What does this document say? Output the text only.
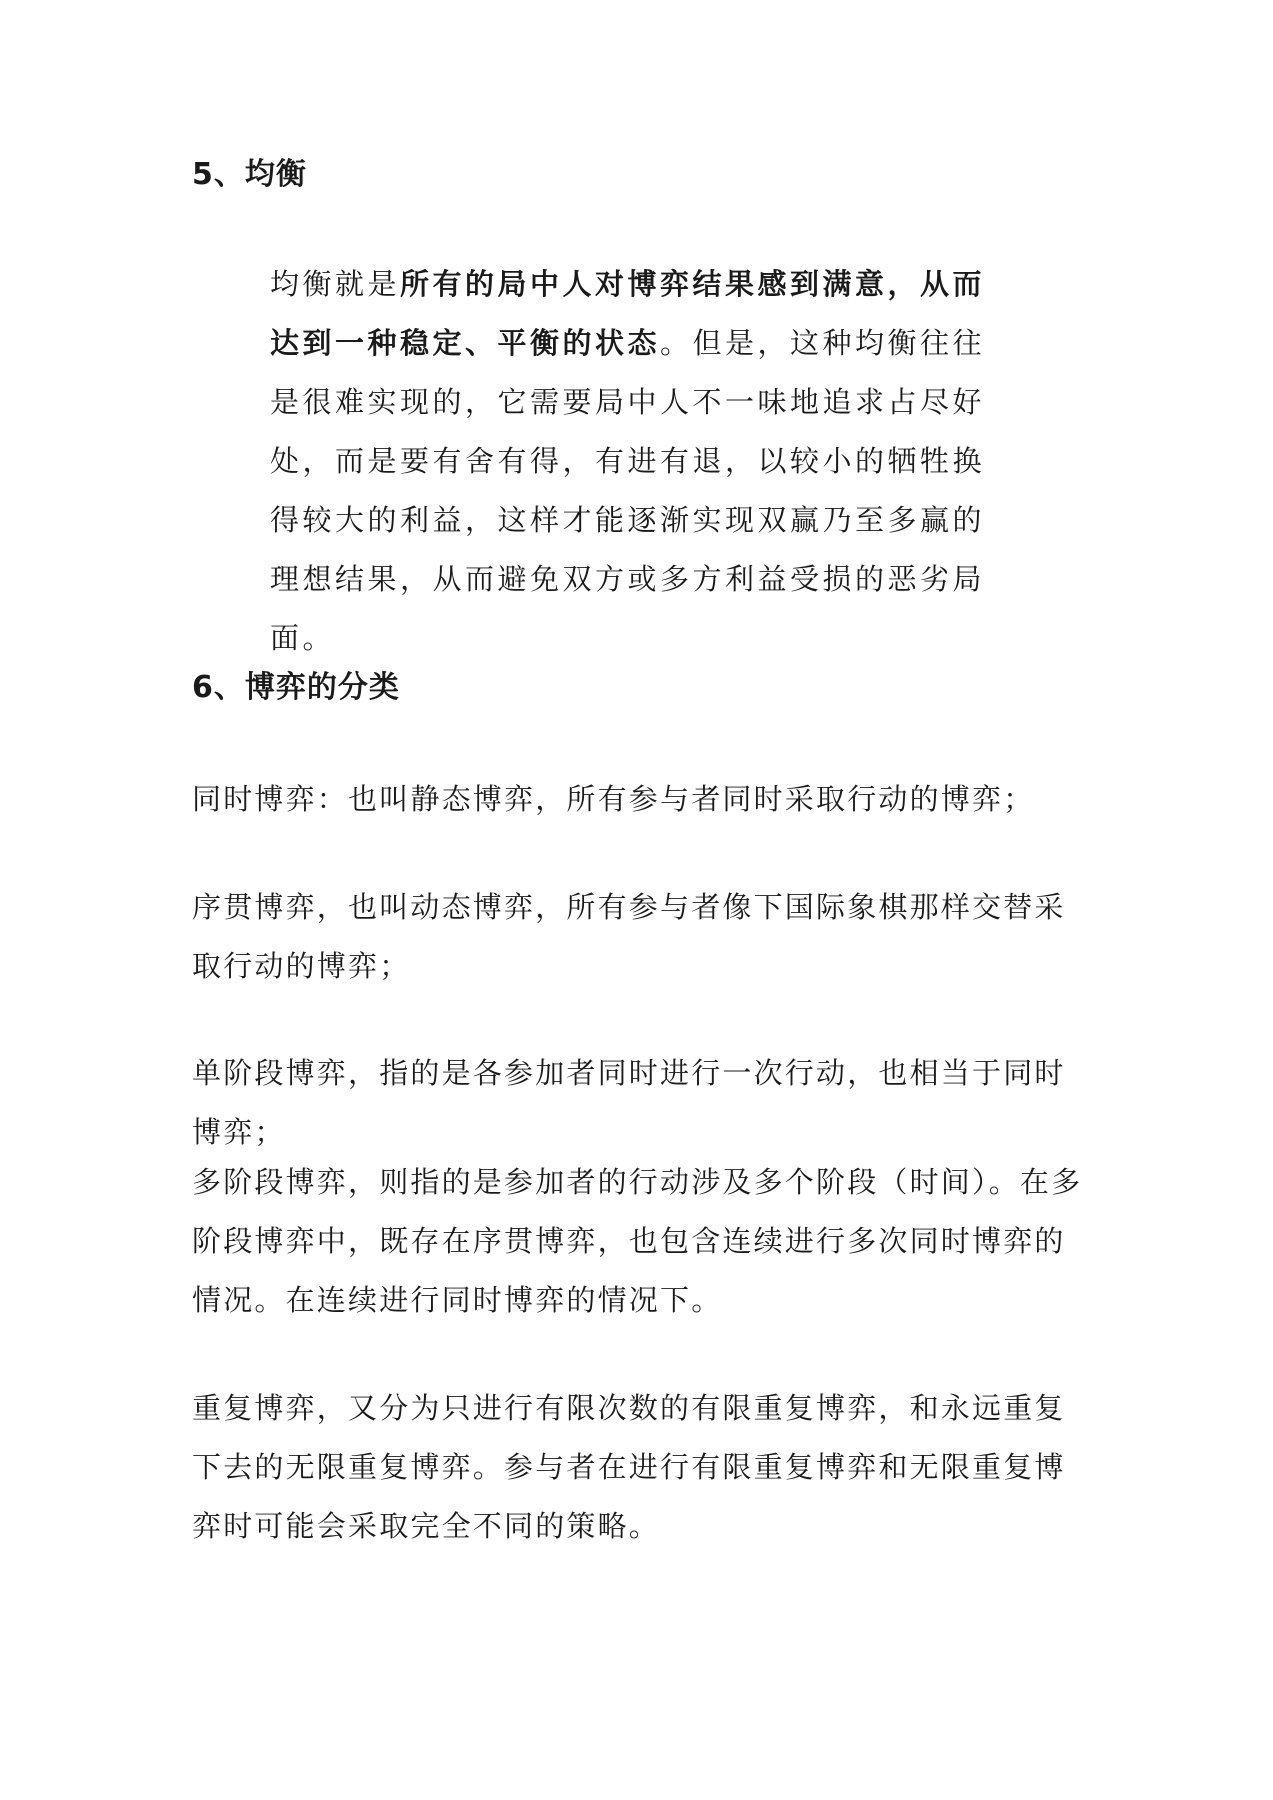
5、均衡

均衡就是所有的局中人对博弈结果感到满意，从而达到一种稳定、平衡的状态。但是，这种均衡往往是很难实现的，它需要局中人不一味地追求占尽好处，而是要有舍有得，有进有退，以较小的牺牲换得较大的利益，这样才能逐渐实现双赢乃至多赢的理想结果，从而避免双方或多方利益受损的恶劣局面。

6、博弈的分类

同时博弈：也叫静态博弈，所有参与者同时采取行动的博弈；

序贯博弈，也叫动态博弈，所有参与者像下国际象棋那样交替采取行动的博弈；

单阶段博弈，指的是各参加者同时进行一次行动，也相当于同时博弈；

多阶段博弈，则指的是参加者的行动涉及多个阶段（时间）。在多阶段博弈中，既存在序贯博弈，也包含连续进行多次同时博弈的情况。在连续进行同时博弈的情况下。

重复博弈，又分为只进行有限次数的有限重复博弈，和永远重复下去的无限重复博弈。参与者在进行有限重复博弈和无限重复博弈时可能会采取完全不同的策略。
